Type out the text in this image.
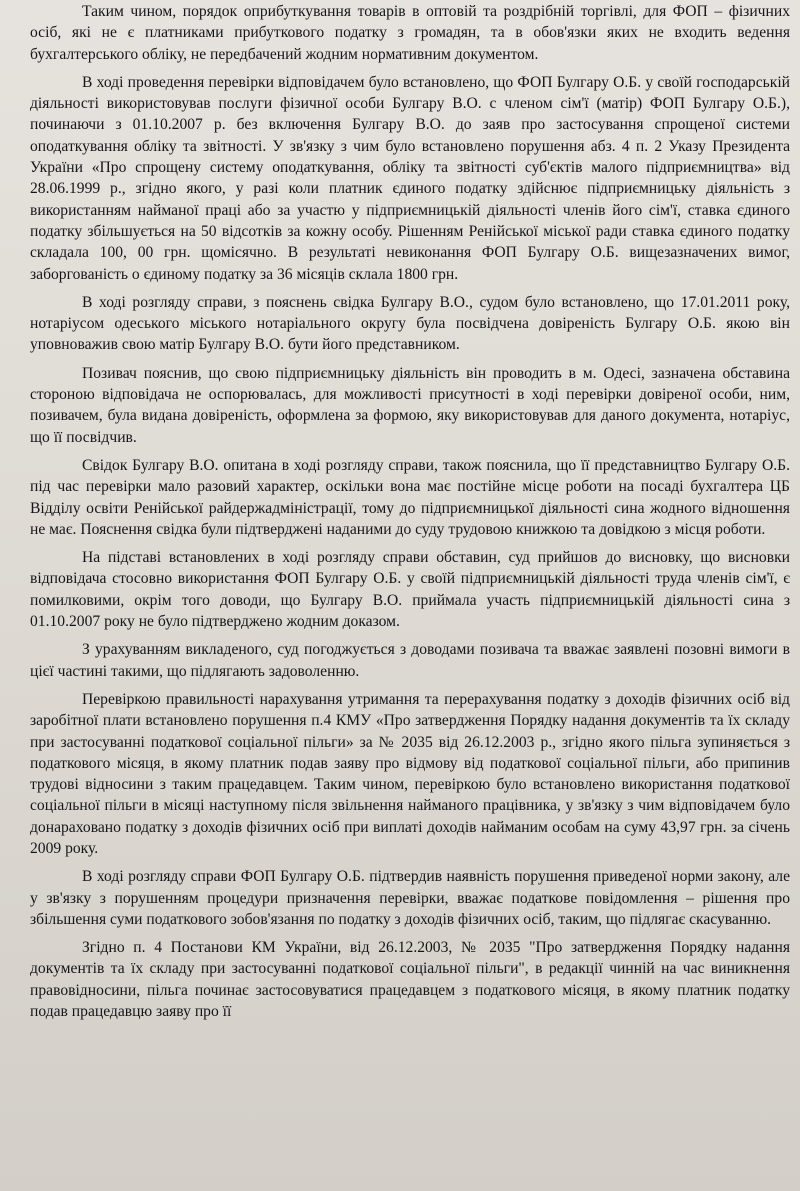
Таким чином, порядок оприбуткування товарів в оптовій та роздрібній торгівлі, для ФОП – фізичних осіб, які не є платниками прибуткового податку з громадян, та в обов'язки яких не входить ведення бухгалтерського обліку, не передбачений жодним нормативним документом.

В ході проведення перевірки відповідачем було встановлено, що ФОП Булгару О.Б. у своїй господарській діяльності використовував послуги фізичної особи Булгару В.О. с членом сім'ї (матір) ФОП Булгару О.Б.), починаючи з 01.10.2007 р. без включення Булгару В.О. до заяв про застосування спрощеної системи оподаткування обліку та звітності. У зв'язку з чим було встановлено порушення абз. 4 п. 2 Указу Президента України «Про спрощену систему оподаткування, обліку та звітності суб'єктів малого підприємництва» від 28.06.1999 р., згідно якого, у разі коли платник єдиного податку здійснює підприємницьку діяльність з використанням найманої праці або за участю у підприємницькій діяльності членів його сім'ї, ставка єдиного податку збільшується на 50 відсотків за кожну особу. Рішенням Ренійської міської ради ставка єдиного податку складала 100, 00 грн. щомісячно. В результаті невиконання ФОП Булгару О.Б. вищезазначених вимог, заборгованість о єдиному податку за 36 місяців склала 1800 грн.

В ході розгляду справи, з пояснень свідка Булгару В.О., судом було встановлено, що 17.01.2011 року, нотаріусом одеського міського нотаріального округу була посвідчена довіреність Булгару О.Б. якою він уповноважив свою матір Булгару В.О. бути його представником.

Позивач пояснив, що свою підприємницьку діяльність він проводить в м. Одесі, зазначена обставина стороною відповідача не оспорювалась, для можливості присутності в ході перевірки довіреної особи, ним, позивачем, була видана довіреність, оформлена за формою, яку використовував для даного документа, нотаріус, що її посвідчив.

Свідок Булгару В.О. опитана в ході розгляду справи, також пояснила, що її представництво Булгару О.Б. під час перевірки мало разовий характер, оскільки вона має постійне місце роботи на посаді бухгалтера ЦБ Відділу освіти Ренійської райдержадміністрації, тому до підприємницької діяльності сина жодного відношення не має. Пояснення свідка були підтверджені наданими до суду трудовою книжкою та довідкою з місця роботи.

На підставі встановлених в ході розгляду справи обставин, суд прийшов до висновку, що висновки відповідача стосовно використання ФОП Булгару О.Б. у своїй підприємницькій діяльності труда членів сім'ї, є помилковими, окрім того доводи, що Булгару В.О. приймала участь підприємницькій діяльності сина з 01.10.2007 року не було підтверджено жодним доказом.

З урахуванням викладеного, суд погоджується з доводами позивача та вважає заявлені позовні вимоги в цієї частині такими, що підлягають задоволенню.

Перевіркою правильності нарахування утримання та перерахування податку з доходів фізичних осіб від заробітної плати встановлено порушення п.4 КМУ «Про затвердження Порядку надання документів та їх складу при застосуванні податкової соціальної пільги» за № 2035 від 26.12.2003 р., згідно якого пільга зупиняється з податкового місяця, в якому платник подав заяву про відмову від податкової соціальної пільги, або припинив трудові відносини з таким працедавцем. Таким чином, перевіркою було встановлено використання податкової соціальної пільги в місяці наступному після звільнення найманого працівника, у зв'язку з чим відповідачем було донараховано податку з доходів фізичних осіб при виплаті доходів найманим особам на суму 43,97 грн. за січень 2009 року.

В ході розгляду справи ФОП Булгару О.Б. підтвердив наявність порушення приведеної норми закону, але у зв'язку з порушенням процедури призначення перевірки, вважає податкове повідомлення – рішення про збільшення суми податкового зобов'язання по податку з доходів фізичних осіб, таким, що підлягає скасуванню.

Згідно п. 4 Постанови КМ України, від 26.12.2003, № 2035 "Про затвердження Порядку надання документів та їх складу при застосуванні податкової соціальної пільги", в редакції чинній на час виникнення правовідносини, пільга починає застосовуватися працедавцем з податкового місяця, в якому платник податку подав працедавцю заяву про її
